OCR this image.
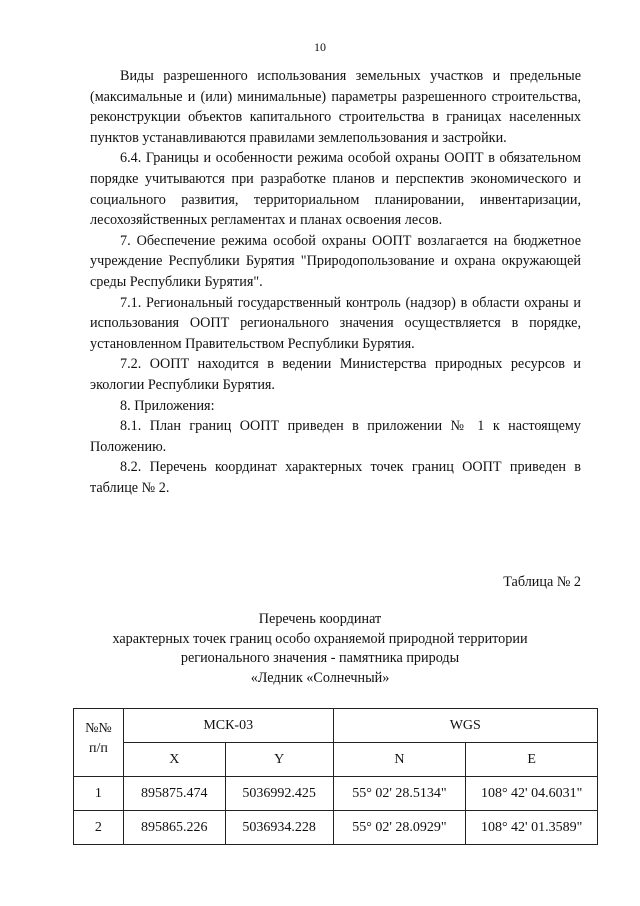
10

Виды разрешенного использования земельных участков и предельные (максимальные и (или) минимальные) параметры разрешенного строительства, реконструкции объектов капитального строительства в границах населенных пунктов устанавливаются правилами землепользования и застройки.

6.4. Границы и особенности режима особой охраны ООПТ в обязательном порядке учитываются при разработке планов и перспектив экономического и социального развития, территориальном планировании, инвентаризации, лесохозяйственных регламентах и планах освоения лесов.

7. Обеспечение режима особой охраны ООПТ возлагается на бюджетное учреждение Республики Бурятия "Природопользование и охрана окружающей среды Республики Бурятия".

7.1. Региональный государственный контроль (надзор) в области охраны и использования ООПТ регионального значения осуществляется в порядке, установленном Правительством Республики Бурятия.

7.2. ООПТ находится в ведении Министерства природных ресурсов и экологии Республики Бурятия.

8. Приложения:

8.1. План границ ООПТ приведен в приложении № 1 к настоящему Положению.

8.2. Перечень координат характерных точек границ ООПТ приведен в таблице № 2.

Таблица № 2
Перечень координат
характерных точек границ особо охраняемой природной территории
регионального значения - памятника природы
«Ледник «Солнечный»
№№
п/п	МСК-03		WGS	
	X	Y	N	E
1	895875.474	5036992.425	55° 02' 28.5134"	108° 42' 04.6031"
2	895865.226	5036934.228	55° 02' 28.0929"	108° 42' 01.3589"
